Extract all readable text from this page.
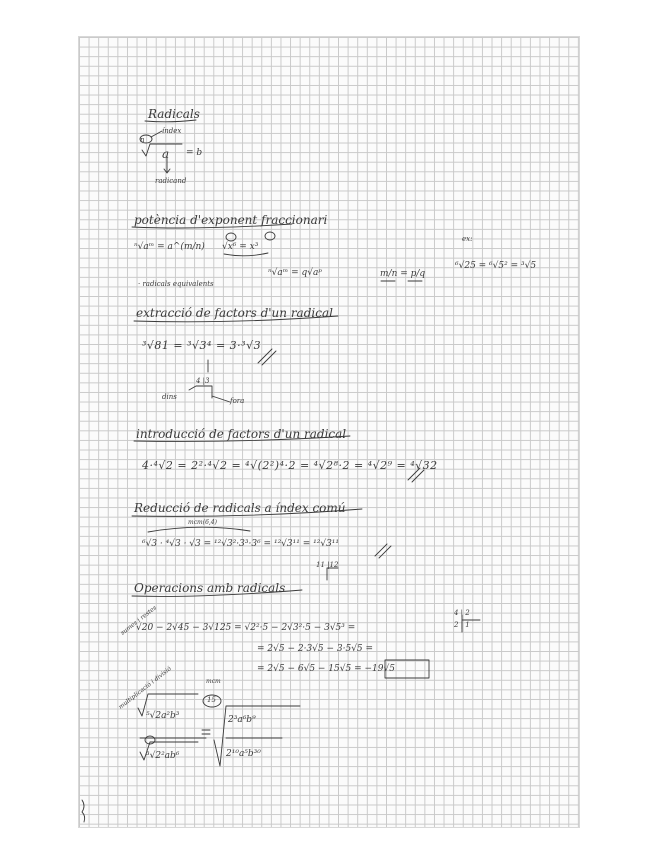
Radicals
índex
n
a = b
radicand
potència d'exponent fraccionari
ⁿ√aᵐ = a^(m/n) √x⁶ = x³
· radicals equivalents
ⁿ√aᵐ = q√aᵖ	m/n = p/q
ex:
⁶√25 = ⁶√5² = ³√5
extracció de factors d'un radical
³√81 = ³√3⁴ = 3·³√3
4 |3
dins	fora
introducció de factors d'un radical
4·⁴√2 = 2²·⁴√2 = ⁴√(2²)⁴·2 = ⁴√2⁸·2 = ⁴√2⁹ = ⁴√32
Reducció de radicals a índex comú
mcm(6,4)
⁶√3 · ⁴√3 · √3 = ¹²√3²·3³·3⁶ = ¹²√3¹¹ = ¹²√3¹¹
11 |12
Operacions amb radicals
sumes i restes
√20 − 2√45 − 3√125 = √2²·5 − 2√3²·5 − 3√5³ =
= 2√5 − 2·3√5 − 3·5√5 =
= 2√5 − 6√5 − 15√5 = −19√5
4 | 2
2 | 1
multiplicació i divisió
⁵√2a²b³
³√2²ab⁶
mcm
15
2³a⁶b⁹
2¹⁰a⁵b³⁰
